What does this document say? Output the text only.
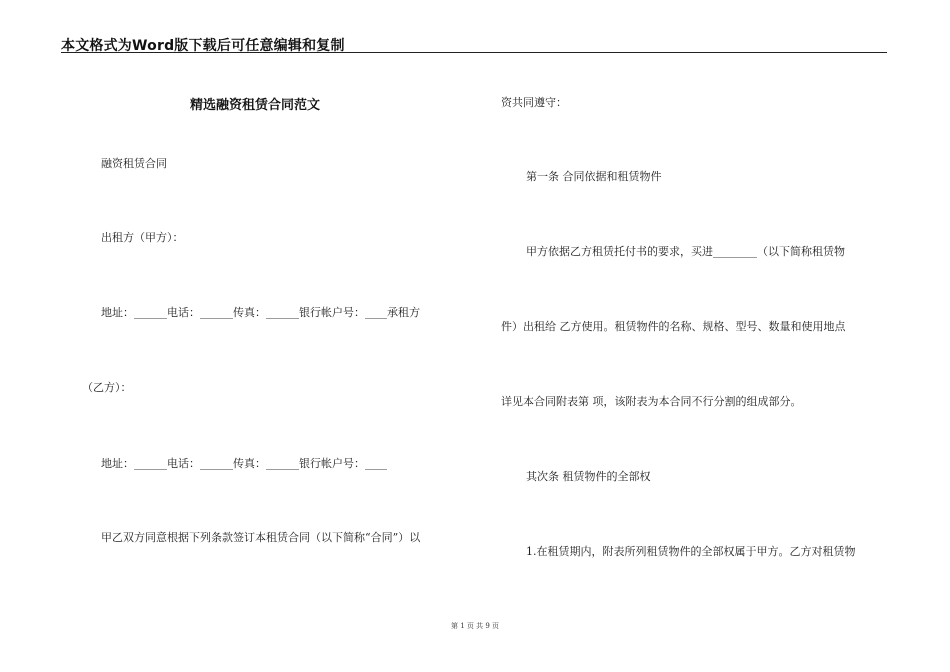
本文格式为Word版下载后可任意编辑和复制
精选融资租赁合同范文
融资租赁合同
出租方（甲方）：
地址：______电话：______传真：______银行帐户号：____承租方
（乙方）：
地址：______电话：______传真：______银行帐户号：____
甲乙双方同意根据下列条款签订本租赁合同（以下简称“合同”）以
资共同遵守：
第一条 合同依据和租赁物件
甲方依据乙方租赁托付书的要求，买进________（以下简称租赁物
件）出租给 乙方使用。租赁物件的名称、规格、型号、数量和使用地点
详见本合同附表第 项，该附表为本合同不行分割的组成部分。
其次条 租赁物件的全部权
1.在租赁期内，附表所列租赁物件的全部权属于甲方。乙方对租赁物
第 1 页 共 9 页
